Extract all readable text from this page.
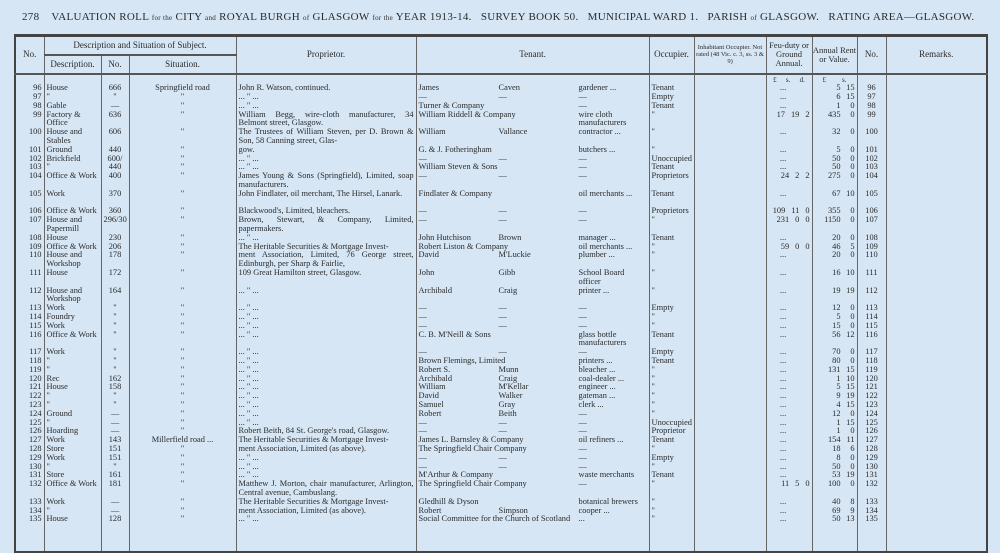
278 VALUATION ROLL for the CITY and ROYAL BURGH of GLASGOW for the YEAR 1913-14. SURVEY BOOK 50.   MUNICIPAL WARD 1.   PARISH of GLASGOW.   RATING AREA—GLASGOW.
No.	Description and Situation of Subject.			Proprietor.	Tenant.	Occupier.	Inhabitant Occupier. Not rated (48 Vic. c. 3, ss. 3 & 9)	Feu-duty or Ground Annual.	Annual Rent or Value.	No.	Remarks.
	Description.	No.	Situation.								

								£ s. d.	£ s.		

96	House	666	Springfield road	John R. Watson, continued.	James Caven gardener ...	Tenant		...	5 15	96	
97	"	"	"	... " ...	— — —	Empty		...	6 15	97	
98	Gable	—	"	... " ...	Turner & Company —	Tenant		...	1 0	98	
99	Factory & Office	636	"	William Begg, wire-cloth manufacturer, 34 Belmont street, Glasgow.	William Riddell & Company wire cloth manufacturers	"		17 19 2	435 0	99	
100	House and Stables	606	"	The Trustees of William Steven, per D. Brown & Son, 58 Canning street, Glas-	William Vallance contractor ...	"		...	32 0	100	
101	Ground	440	"	gow.	G. & J. Fotheringham butchers ...	"		...	5 0	101	
102	Brickfield	600/	"	... " ...	— — —	Unoccupied		...	50 0	102	
103	"	440	"	... " ...	William Steven & Sons —	Tenant		...	50 0	103	
104	Office & Work	400	"	James Young & Sons (Springfield), Limited, soap manufacturers.	— — —	Proprietors		24 2 2	275 0	104	
105	Work	370	"	John Findlater, oil merchant, The Hirsel, Lanark.	Findlater & Company oil merchants ...	Tenant		...	67 10	105	
106	Office & Work	360	"	Blackwood's, Limited, bleachers.	— — —	Proprietors		109 11 0	355 0	106	
107	House and Papermill	296/30	"	Brown, Stewart, & Company, Limited, papermakers.	— — —	"		231 0 0	1150 0	107	
108	House	230	"	... " ...	John Hutchison Brown manager ...	Tenant		...	20 0	108	
109	Office & Work	206	"	The Heritable Securities & Mortgage Invest-	Robert Liston & Company oil merchants ...	"		59 0 0	46 5	109	
110	House and Workshop	178	"	ment Association, Limited, 76 George street, Edinburgh, per Sharp & Fairlie,	David M'Luckie plumber ...	"		...	20 0	110	
111	House	172	"	109 Great Hamilton street, Glasgow.	John Gibb School Board officer	"		...	16 10	111	
112	House and Workshop	164	"	... " ...	Archibald Craig printer ...	"		...	19 19	112	
113	Work	"	"	... " ...	— — —	Empty		...	12 0	113	
114	Foundry	"	"	... " ...	— — —	"		...	5 0	114	
115	Work	"	"	... " ...	— — —	"		...	15 0	115	
116	Office & Work	"	"	... " ...	C. B. M'Neill & Sons glass bottle manufacturers	Tenant		...	56 12	116	
117	Work	"	"	... " ...	— — —	Empty		...	70 0	117	
118	"	"	"	... " ...	Brown Flemings, Limited printers ...	Tenant		...	80 0	118	
119	"	"	"	... " ...	Robert S. Munn bleacher ...	"		...	131 15	119	
120	Rec	162	"	... " ...	Archibald Craig coal-dealer ...	"		...	1 10	120	
121	House	158	"	... " ...	William M'Kellar engineer ...	"		...	5 15	121	
122	"	"	"	... " ...	David Walker gateman ...	"		...	9 19	122	
123	"	"	"	... " ...	Samuel Gray clerk ...	"		...	4 15	123	
124	Ground	—	"	... " ...	Robert Beith —	"		...	12 0	124	
125	"	—	"	... " ...	— — —	Unoccupied		...	1 15	125	
126	Hoarding	—	"	Robert Beith, 84 St. George's road, Glasgow.	— — —	Proprietor		...	1 0	126	
127	Work	143	Millerfield road ...	The Heritable Securities & Mortgage Invest-	James L. Barnsley & Company oil refiners ...	Tenant		...	154 11	127	
128	Store	151	"	ment Association, Limited (as above).	The Springfield Chair Company —	"		...	18 6	128	
129	Work	151	"	... " ...	— — —	Empty		...	8 0	129	
130	"	"	"	... " ...	— — —	"		...	50 0	130	
131	Store	161	"	... " ...	M'Arthur & Company waste merchants	Tenant		...	53 19	131	
132	Office & Work	181	"	Matthew J. Morton, chair manufacturer, Arlington, Central avenue, Cambuslang.	The Springfield Chair Company —	"		11 5 0	100 0	132	
133	Work	—	"	The Heritable Securities & Mortgage Invest-	Gledhill & Dyson botanical brewers	"		...	40 8	133	
134	"	—	"	ment Association, Limited (as above).	Robert Simpson cooper ...	"		...	69 9	134	
135	House	128	"	... " ...	Social Committee for the Church of Scotland ...	"		...	50 13	135	
